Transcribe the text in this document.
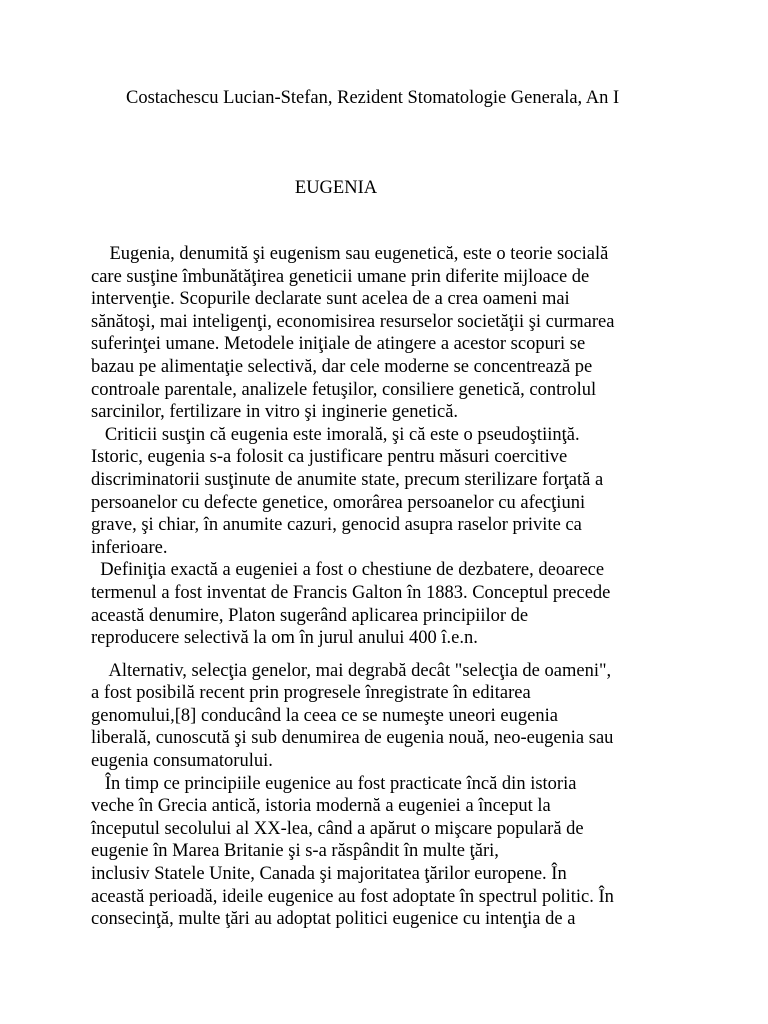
Costachescu Lucian-Stefan, Rezident Stomatologie Generala, An I
EUGENIA
Eugenia, denumită şi eugenism sau eugenetică, este o teorie socială
care susţine îmbunătăţirea geneticii umane prin diferite mijloace de
intervenţie. Scopurile declarate sunt acelea de a crea oameni mai
sănătoşi, mai inteligenţi, economisirea resurselor societăţii şi curmarea
suferinţei umane. Metodele iniţiale de atingere a acestor scopuri se
bazau pe alimentaţie selectivă, dar cele moderne se concentrează pe
controale parentale, analizele fetuşilor, consiliere genetică, controlul
sarcinilor, fertilizare in vitro şi inginerie genetică.
Criticii susţin că eugenia este imorală, şi că este o pseudoştiinţă.
Istoric, eugenia s-a folosit ca justificare pentru măsuri coercitive
discriminatorii susţinute de anumite state, precum sterilizare forţată a
persoanelor cu defecte genetice, omorârea persoanelor cu afecţiuni
grave, şi chiar, în anumite cazuri, genocid asupra raselor privite ca
inferioare.
Definiţia exactă a eugeniei a fost o chestiune de dezbatere, deoarece
termenul a fost inventat de Francis Galton în 1883. Conceptul precede
această denumire, Platon sugerând aplicarea principiilor de
reproducere selectivă la om în jurul anului 400 î.e.n.
Alternativ, selecţia genelor, mai degrabă decât "selecţia de oameni",
a fost posibilă recent prin progresele înregistrate în editarea
genomului,[8] conducând la ceea ce se numeşte uneori eugenia
liberală, cunoscută şi sub denumirea de eugenia nouă, neo-eugenia sau
eugenia consumatorului.
În timp ce principiile eugenice au fost practicate încă din istoria
veche în Grecia antică, istoria modernă a eugeniei a început la
începutul secolului al XX-lea, când a apărut o mişcare populară de
eugenie în Marea Britanie şi s-a răspândit în multe ţări,
inclusiv Statele Unite, Canada şi majoritatea ţărilor europene. În
această perioadă, ideile eugenice au fost adoptate în spectrul politic. În
consecinţă, multe ţări au adoptat politici eugenice cu intenţia de a
